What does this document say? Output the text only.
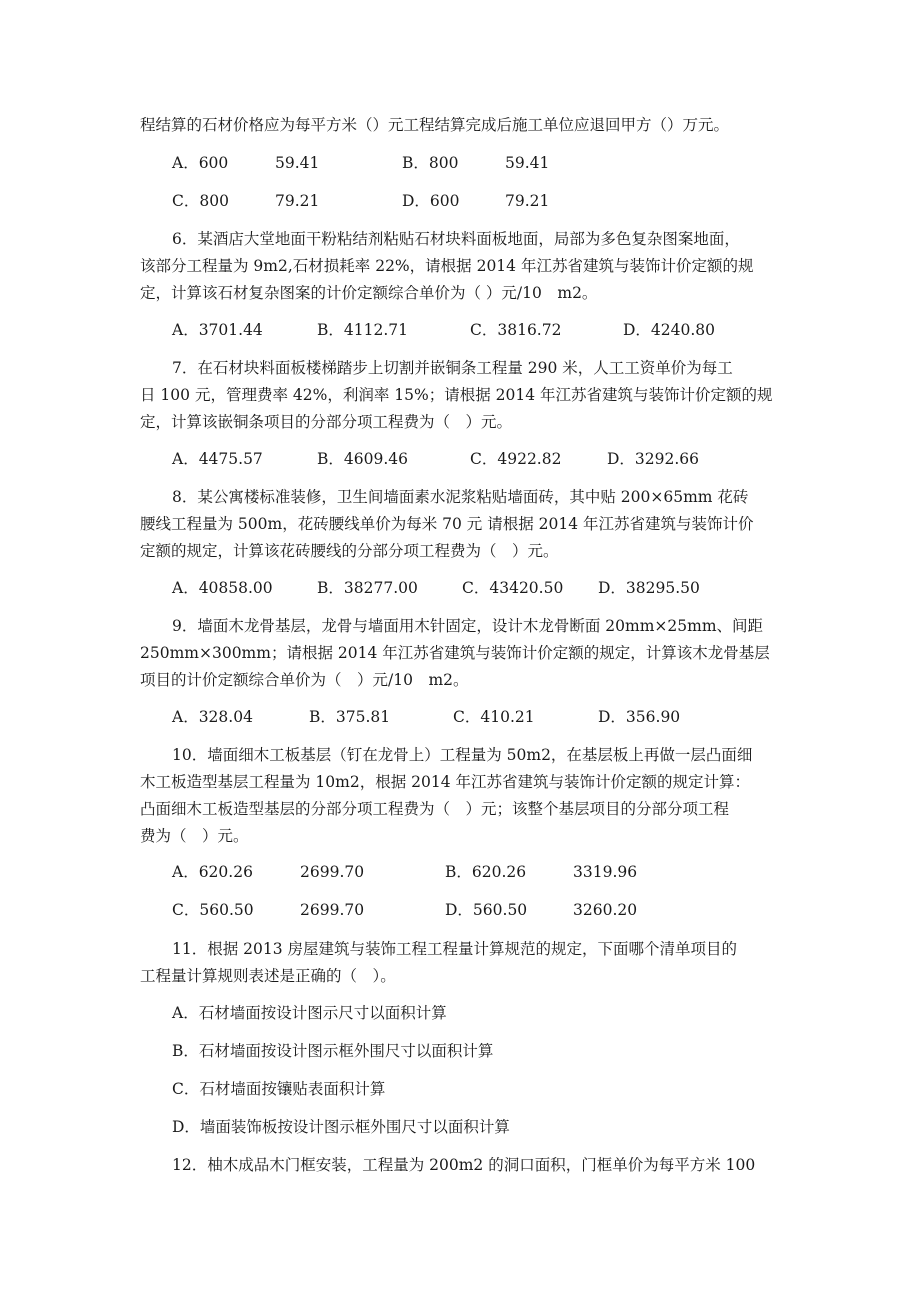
程结算的石材价格应为每平方米（）元工程结算完成后施工单位应退回甲方（）万元。
A．600	59.41	B．800	59.41
C．800	79.21	D．600	79.21
6．某酒店大堂地面干粉粘结剂粘贴石材块料面板地面，局部为多色复杂图案地面，
该部分工程量为 9m2,石材损耗率 22%，请根据 2014 年江苏省建筑与装饰计价定额的规
定，计算该石材复杂图案的计价定额综合单价为（ ）元/10　m2。
A．3701.44	B．4112.71	C．3816.72	D．4240.80
7．在石材块料面板楼梯踏步上切割并嵌铜条工程量 290 米，人工工资单价为每工
日 100 元，管理费率 42%，利润率 15%；请根据 2014 年江苏省建筑与装饰计价定额的规
定，计算该嵌铜条项目的分部分项工程费为（　）元。
A．4475.57	B．4609.46	C．4922.82	D．3292.66
8．某公寓楼标准装修，卫生间墙面素水泥浆粘贴墙面砖，其中贴 200×65mm 花砖
腰线工程量为 500m，花砖腰线单价为每米 70 元 请根据 2014 年江苏省建筑与装饰计价
定额的规定，计算该花砖腰线的分部分项工程费为（　）元。
A．40858.00	B．38277.00	C．43420.50 D．38295.50
9．墙面木龙骨基层，龙骨与墙面用木针固定，设计木龙骨断面 20mm×25mm、间距
250mm×300mm；请根据 2014 年江苏省建筑与装饰计价定额的规定，计算该木龙骨基层
项目的计价定额综合单价为（　）元/10　m2。
A．328.04	B．375.81	C．410.21	D．356.90
10．墙面细木工板基层（钉在龙骨上）工程量为 50m2，在基层板上再做一层凸面细
木工板造型基层工程量为 10m2，根据 2014 年江苏省建筑与装饰计价定额的规定计算：
凸面细木工板造型基层的分部分项工程费为（　）元；该整个基层项目的分部分项工程
费为（　）元。
A．620.26	2699.70	B．620.26	3319.96
C．560.50	2699.70	D．560.50	3260.20
11．根据 2013 房屋建筑与装饰工程工程量计算规范的规定，下面哪个清单项目的
工程量计算规则表述是正确的（　）。
A．石材墙面按设计图示尺寸以面积计算
B．石材墙面按设计图示框外围尺寸以面积计算
C．石材墙面按镶贴表面积计算
D．墙面装饰板按设计图示框外围尺寸以面积计算
12．柚木成品木门框安装，工程量为 200m2 的洞口面积，门框单价为每平方米 100
